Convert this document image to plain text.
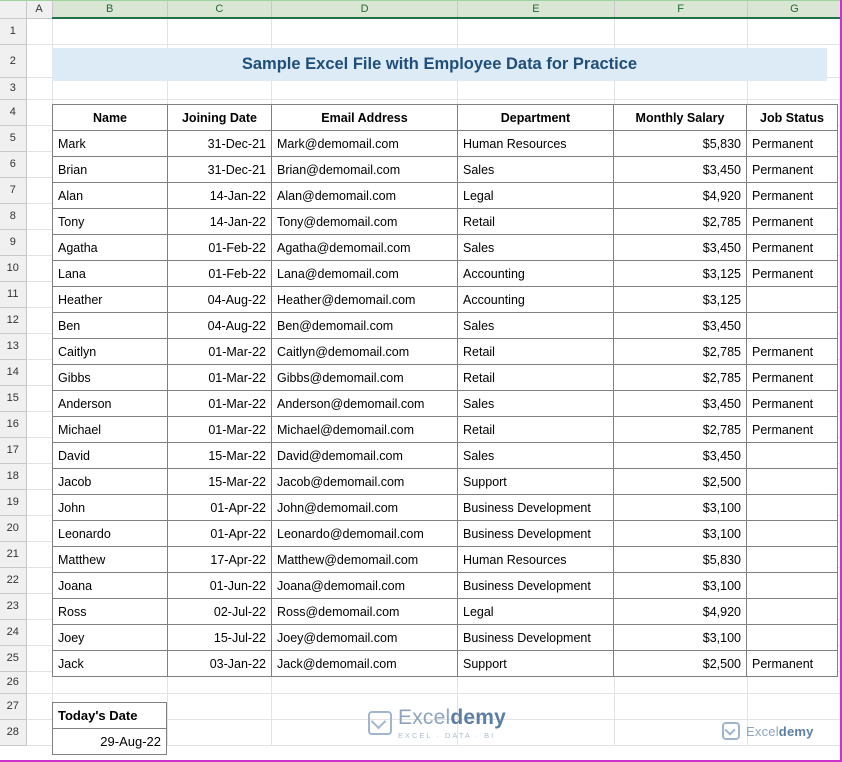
	A	B	C	D	E	F	G
1							
2							
3							
4							
5							
6							
7							
8							
9							
10							
11							
12							
13							
14							
15							
16							
17							
18							
19							
20							
21							
22							
23							
24							
25							
26							
27							
28							
Sample Excel File with Employee Data for Practice
Name	Joining Date	Email Address	Department	Monthly Salary	Job Status
Mark	31-Dec-21	Mark@demomail.com	Human Resources	$5,830	Permanent
Brian	31-Dec-21	Brian@demomail.com	Sales	$3,450	Permanent
Alan	14-Jan-22	Alan@demomail.com	Legal	$4,920	Permanent
Tony	14-Jan-22	Tony@demomail.com	Retail	$2,785	Permanent
Agatha	01-Feb-22	Agatha@demomail.com	Sales	$3,450	Permanent
Lana	01-Feb-22	Lana@demomail.com	Accounting	$3,125	Permanent
Heather	04-Aug-22	Heather@demomail.com	Accounting	$3,125	
Ben	04-Aug-22	Ben@demomail.com	Sales	$3,450	
Caitlyn	01-Mar-22	Caitlyn@demomail.com	Retail	$2,785	Permanent
Gibbs	01-Mar-22	Gibbs@demomail.com	Retail	$2,785	Permanent
Anderson	01-Mar-22	Anderson@demomail.com	Sales	$3,450	Permanent
Michael	01-Mar-22	Michael@demomail.com	Retail	$2,785	Permanent
David	15-Mar-22	David@demomail.com	Sales	$3,450	
Jacob	15-Mar-22	Jacob@demomail.com	Support	$2,500	
John	01-Apr-22	John@demomail.com	Business Development	$3,100	
Leonardo	01-Apr-22	Leonardo@demomail.com	Business Development	$3,100	
Matthew	17-Apr-22	Matthew@demomail.com	Human Resources	$5,830	
Joana	01-Jun-22	Joana@demomail.com	Business Development	$3,100	
Ross	02-Jul-22	Ross@demomail.com	Legal	$4,920	
Joey	15-Jul-22	Joey@demomail.com	Business Development	$3,100	
Jack	03-Jan-22	Jack@demomail.com	Support	$2,500	Permanent
Today's Date
29-Aug-22
Exceldemy
EXCEL · DATA · BI	Exceldemy
